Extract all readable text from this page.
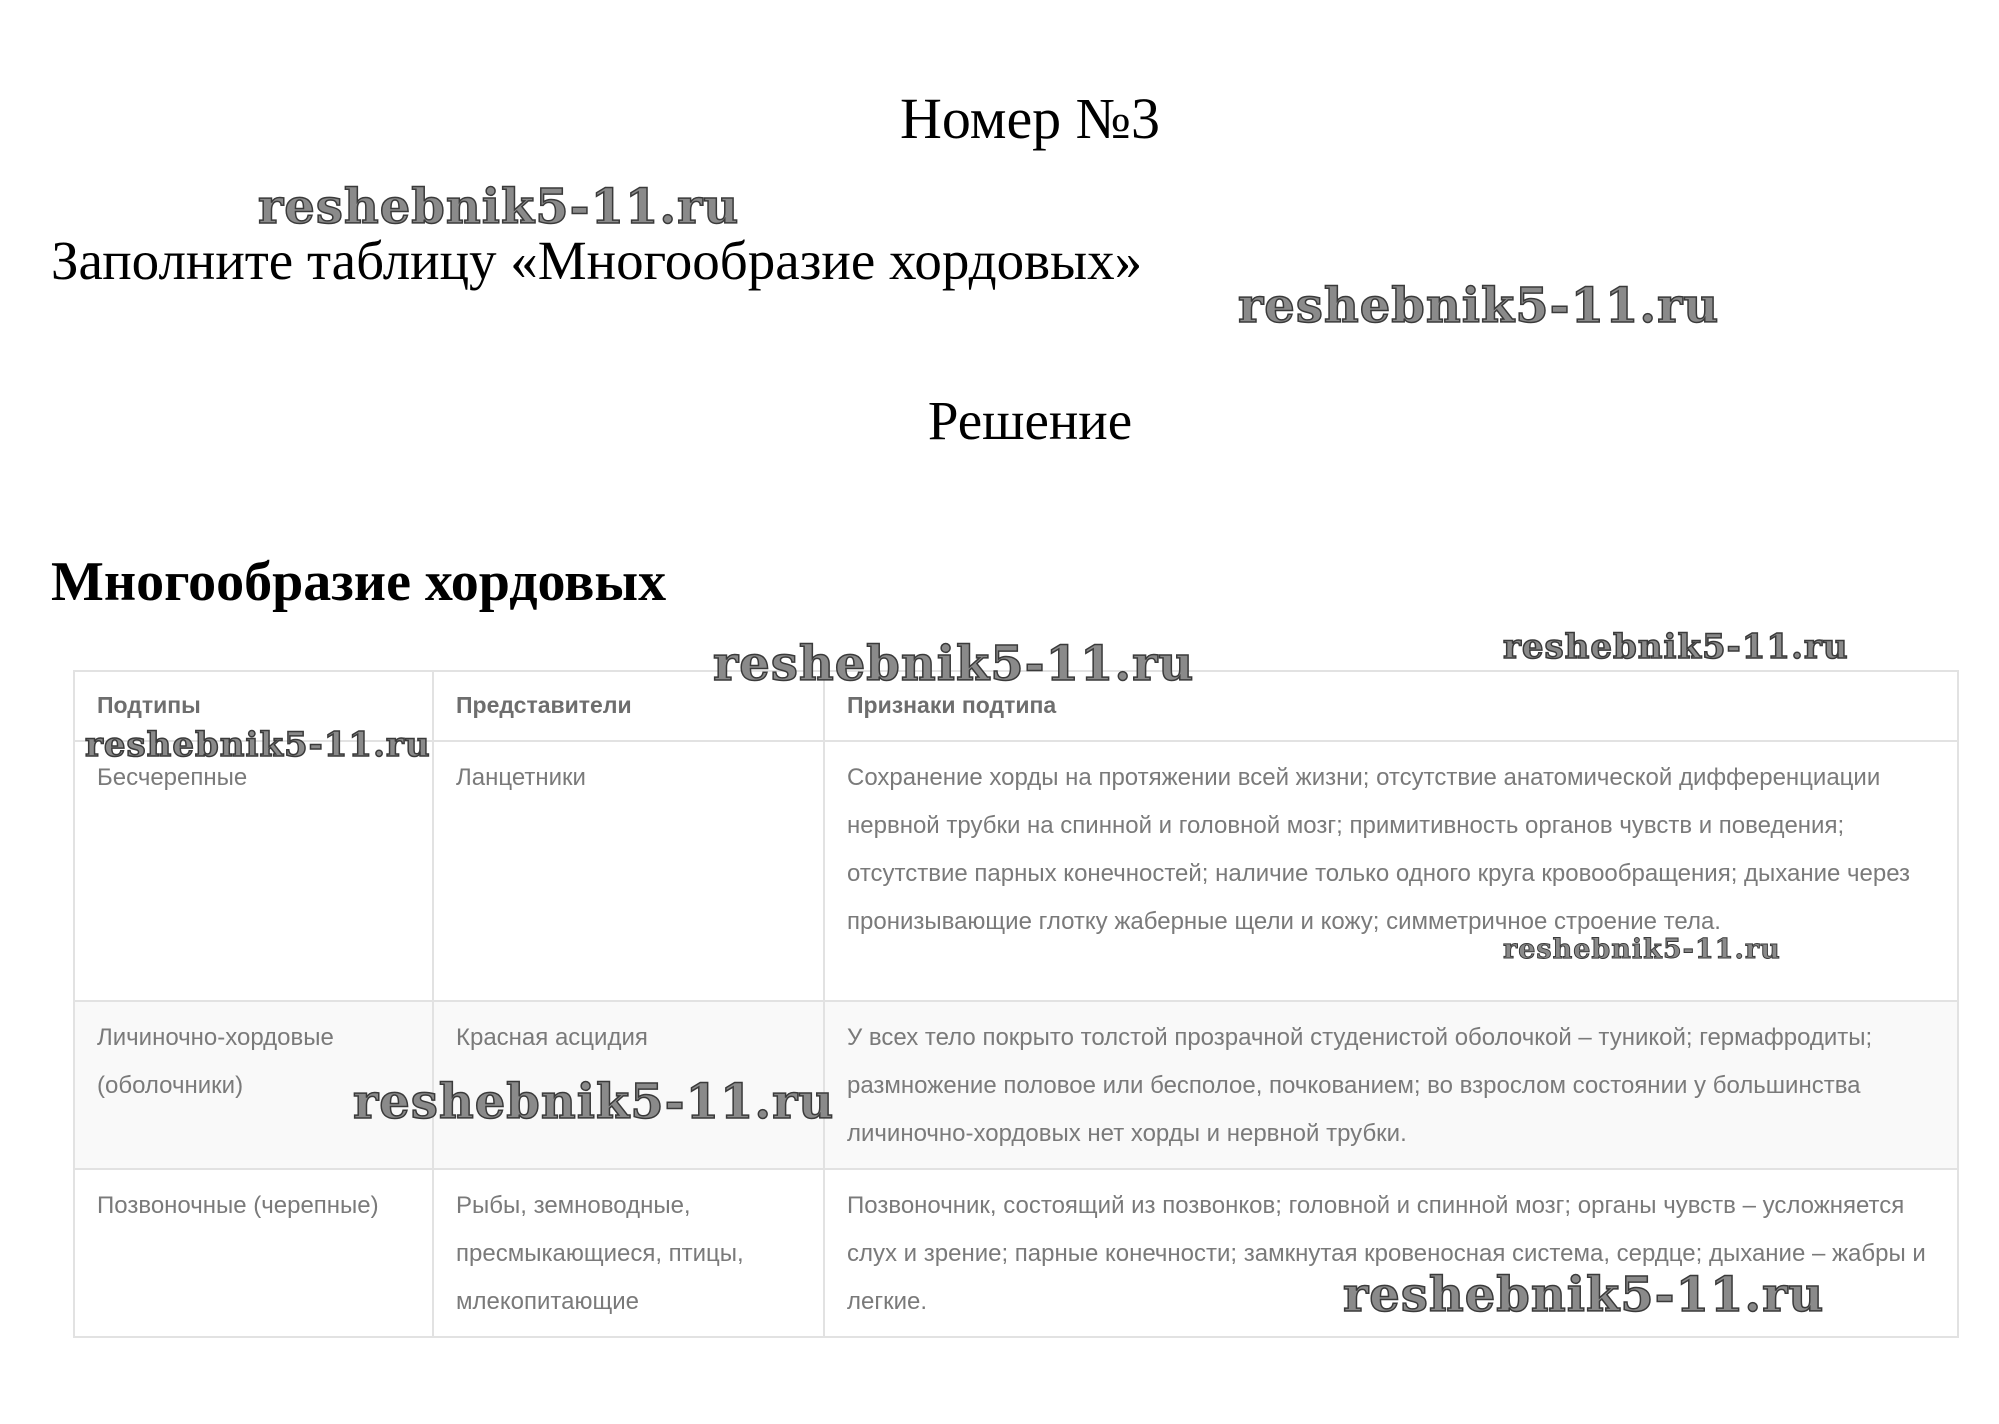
Номер №3
Заполните таблицу «Многообразие хордовых»
Решение
Многообразие хордовых
Подтипы	Представители	Признаки подтипа
Бесчерепные	Ланцетники	Сохранение хорды на протяжении всей жизни; отсутствие анатомической дифференциации нервной трубки на спинной и головной мозг; примитивность органов чувств и поведения; отсутствие парных конечностей; наличие только одного круга кровообращения; дыхание через пронизывающие глотку жаберные щели и кожу; симметричное строение тела.
Личиночно-хордовые (оболочники)	Красная асцидия	У всех тело покрыто толстой прозрачной студенистой оболочкой – туникой; гермафродиты; размножение половое или бесполое, почкованием; во взрослом состоянии у большинства личиночно-хордовых нет хорды и нервной трубки.
Позвоночные (черепные)	Рыбы, земноводные, пресмыкающиеся, птицы, млекопитающие	Позвоночник, состоящий из позвонков; головной и спинной мозг; органы чувств – усложняется слух и зрение; парные конечности; замкнутая кровеносная система, сердце; дыхание – жабры и легкие.
reshebnik5-11.ru
reshebnik5-11.ru
reshebnik5-11.ru	reshebnik5-11.ru
reshebnik5-11.ru
reshebnik5-11.ru
reshebnik5-11.ru
reshebnik5-11.ru
